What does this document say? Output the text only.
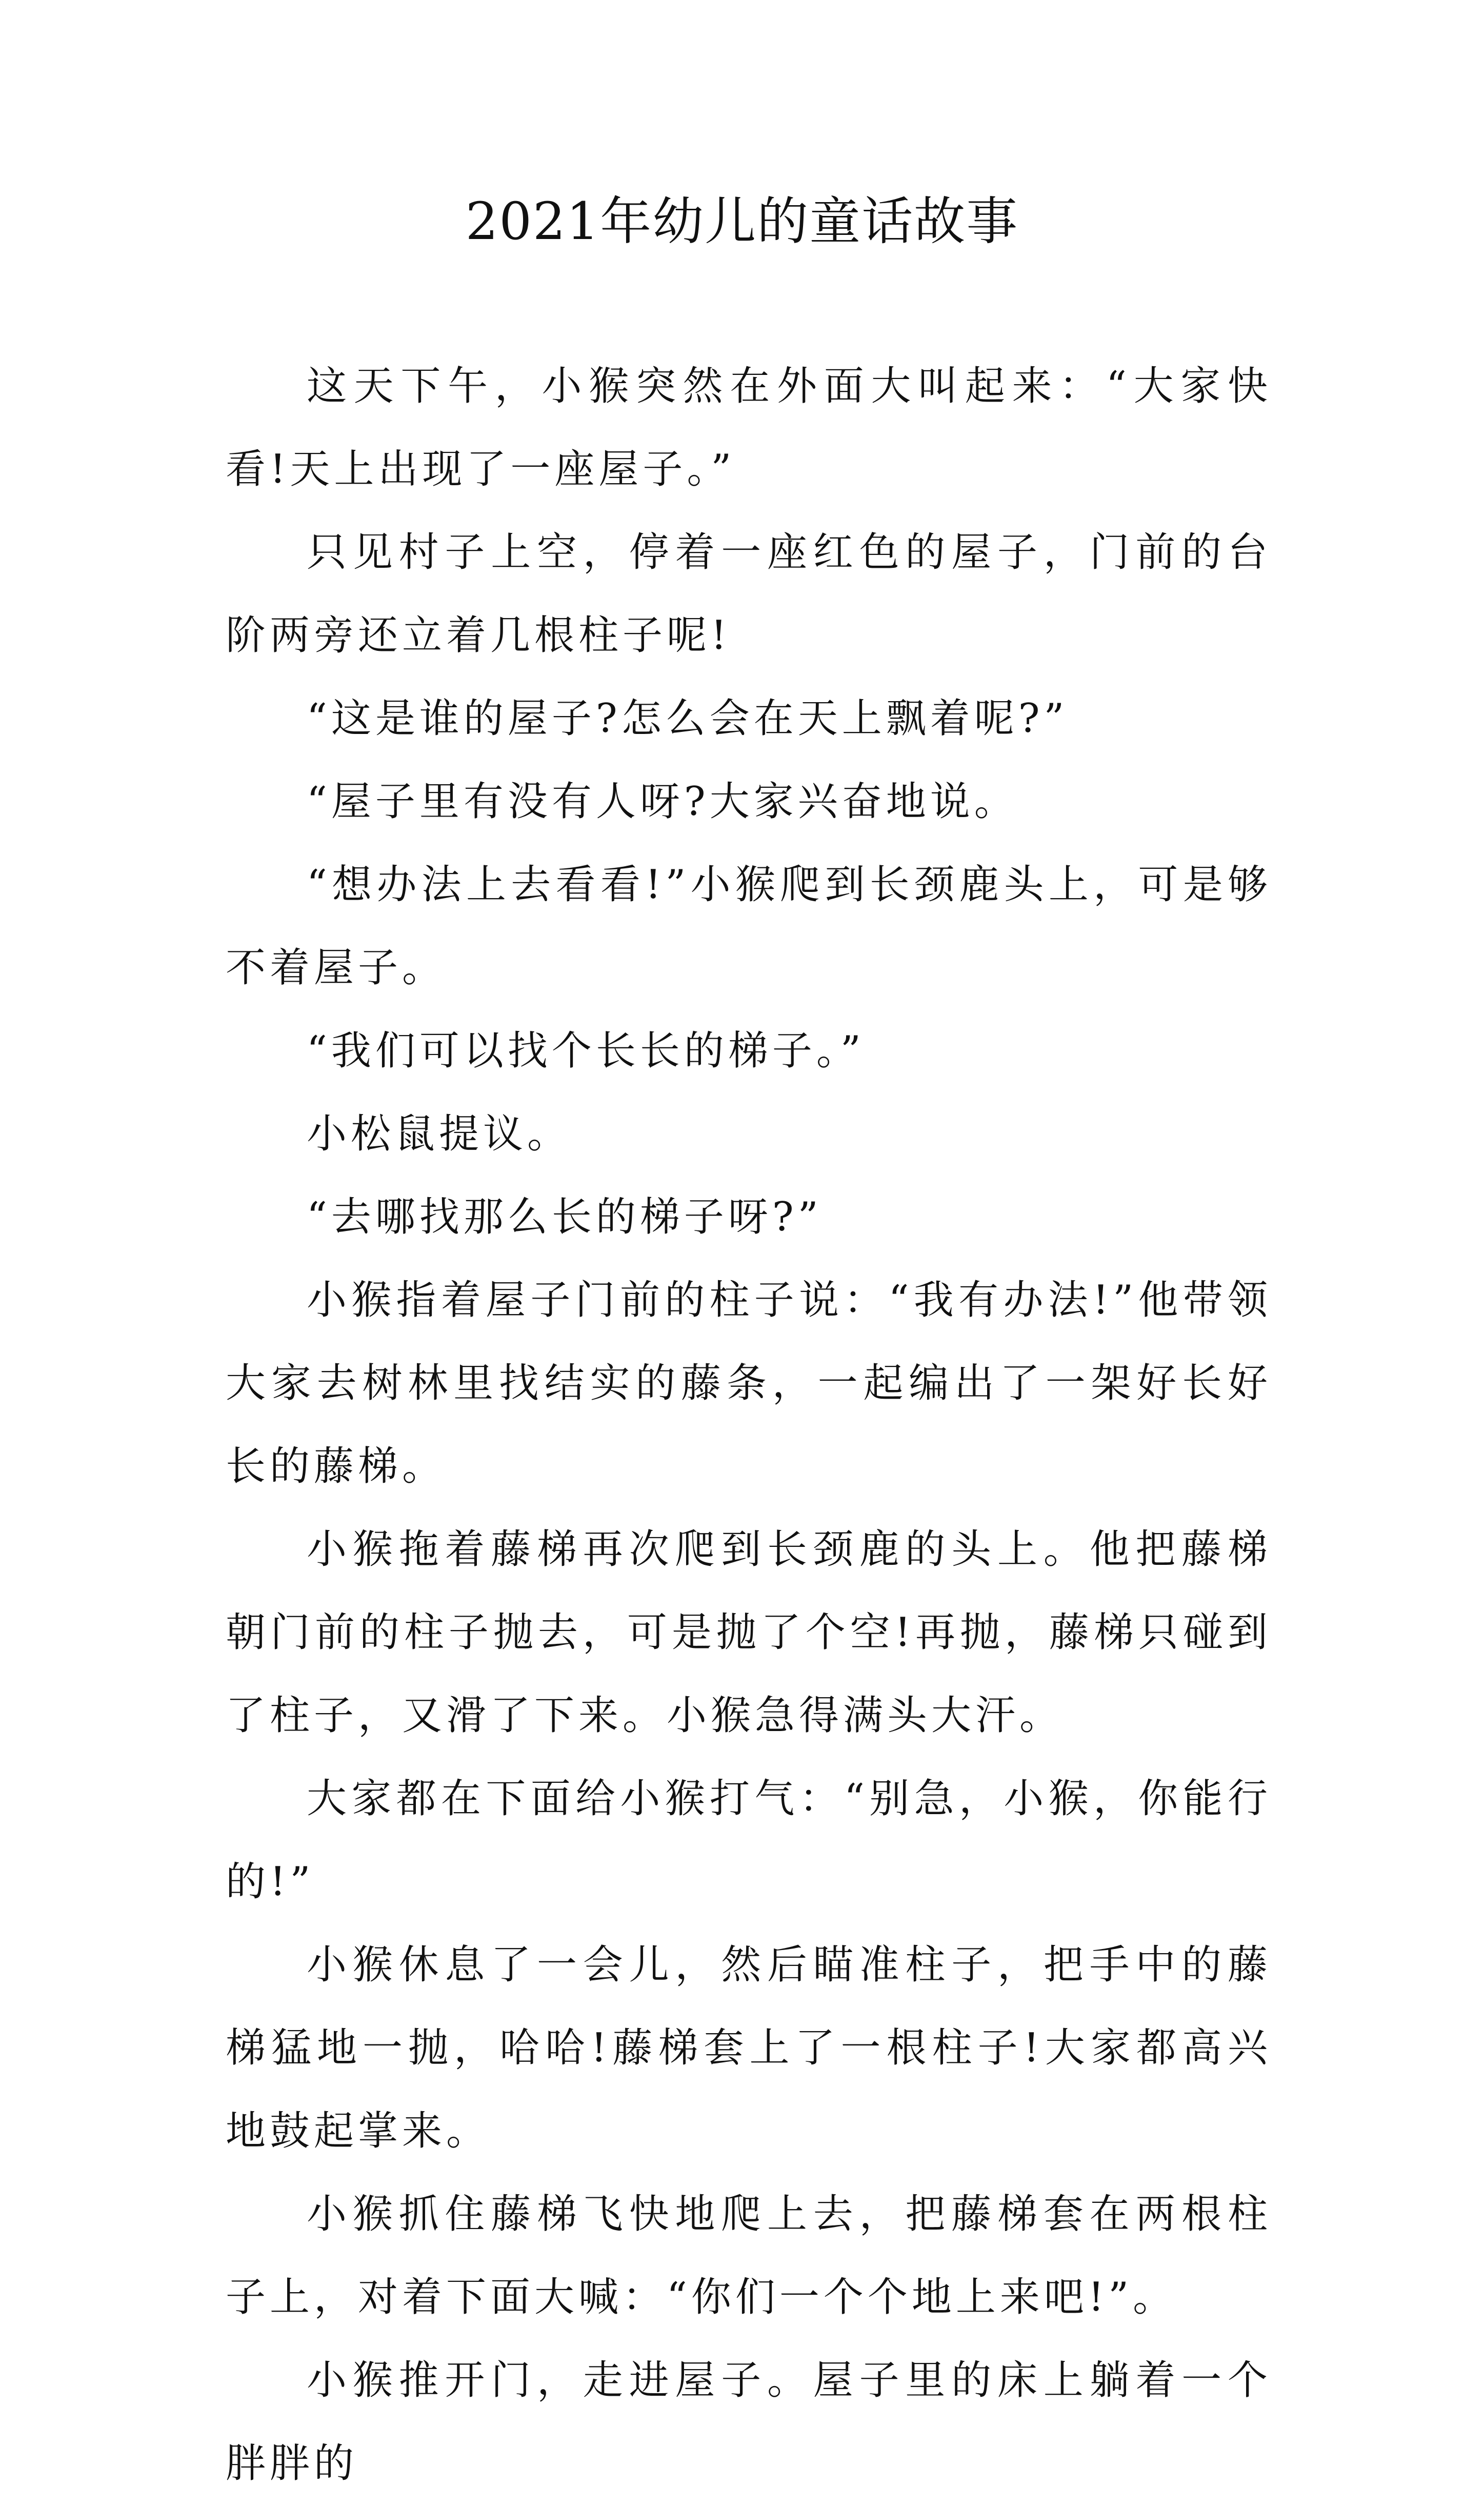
2021年幼儿的童话故事

这天下午，小猴突然在外面大叫起来：“大家快看!天上出现了一座屋子。”

只见村子上空，停着一座红色的屋子，门前的台阶两旁还立着几根柱子呢!

“这是谁的屋子?怎么会在天上飘着呢?”

“屋子里有没有人呀?大家兴奋地说。

“想办法上去看看!”小猴爬到长颈鹿头上，可是够不着屋子。

“我们可以找个长长的梯子。”

小松鼠提议。

“去哪找那么长的梯子呀?”

小猴指着屋子门前的柱子说：“我有办法!”他带领大家去树林里找结实的藤条，一起编出了一架好长好长的藤梯。

小猴拖着藤梯再次爬到长颈鹿的头上。他把藤梯朝门前的柱子抛去，可是抛了个空!再抛，藤梯只碰到了柱子，又滑了下来。小猴急得满头大汗。

大家都在下面给小猴打气：“别急，小猴，你能行的!”

小猴休息了一会儿，然后瞄准柱子，把手中的藤梯猛地一抛，哈哈!藤梯套上了一根柱子!大家都高兴地鼓起掌来。

小猴抓住藤梯飞快地爬上去，把藤梯套在两根柱子上，对着下面大喊：“你们一个个地上来吧!”。

小猴推开门，走进屋子。屋子里的床上躺着一个胖胖的
